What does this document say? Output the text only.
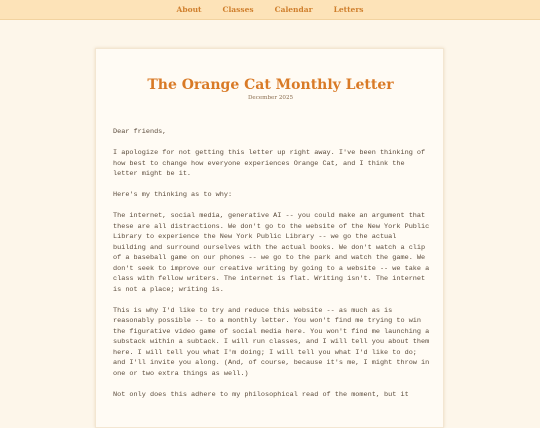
About	Classes	Calendar	Letters
The Orange Cat Monthly Letter
December 2025

Dear friends,

I apologize for not getting this letter up right away. I've been thinking of how best to change how everyone experiences Orange Cat, and I think the letter might be it.

Here's my thinking as to why:

The internet, social media, generative AI -- you could make an argument that these are all distractions. We don't go to the website of the New York Public Library to experience the New York Public Library -- we go the actual building and surround ourselves with the actual books. We don't watch a clip of a baseball game on our phones -- we go to the park and watch the game. We don't seek to improve our creative writing by going to a website -- we take a class with fellow writers. The internet is flat. Writing isn't. The internet is not a place; writing is.

This is why I'd like to try and reduce this website -- as much as is reasonably possible -- to a monthly letter. You won't find me trying to win the figurative video game of social media here. You won't find me launching a substack within a subtack. I will run classes, and I will tell you about them here. I will tell you what I'm doing; I will tell you what I'd like to do; and I'll invite you along. (And, of course, because it's me, I might throw in one or two extra things as well.)

Not only does this adhere to my philosophical read of the moment, but it
